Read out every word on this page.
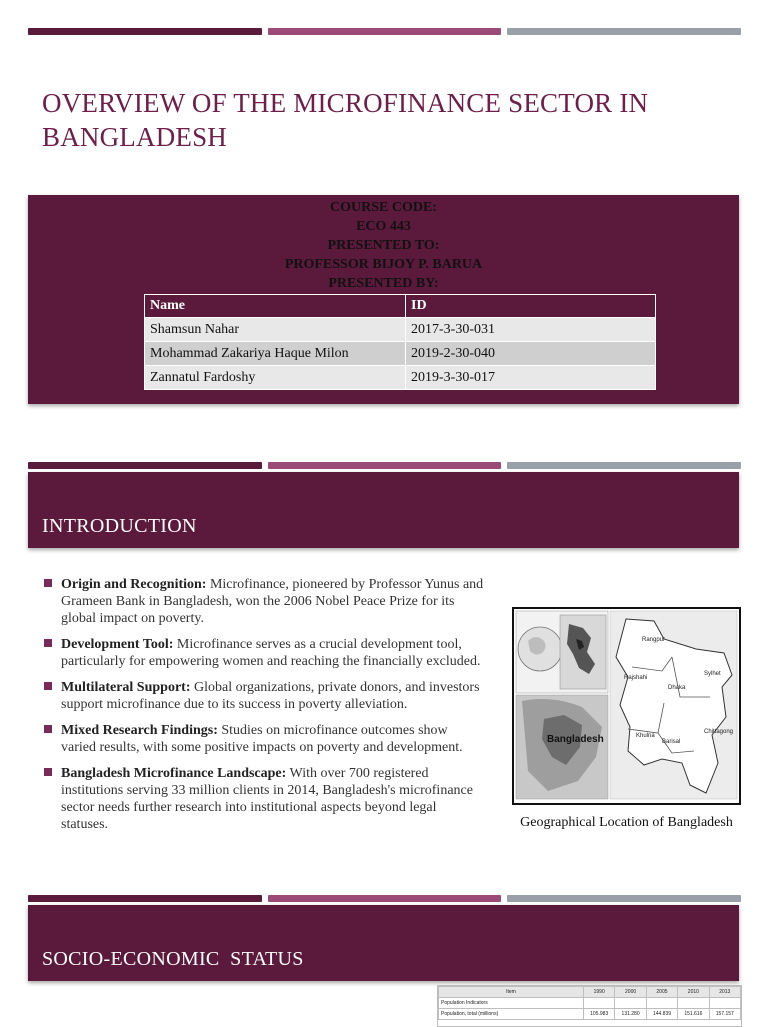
OVERVIEW OF THE MICROFINANCE SECTOR IN BANGLADESH
COURSE CODE:
ECO 443
PRESENTED TO:
PROFESSOR BIJOY P. BARUA
PRESENTED BY:
Name	ID
Shamsun Nahar	2017-3-30-031
Mohammad Zakariya Haque Milon	2019-2-30-040
Zannatul Fardoshy	2019-3-30-017
INTRODUCTION
Origin and Recognition: Microfinance, pioneered by Professor Yunus and Grameen Bank in Bangladesh, won the 2006 Nobel Peace Prize for its global impact on poverty.
Development Tool: Microfinance serves as a crucial development tool, particularly for empowering women and reaching the financially excluded.
Multilateral Support: Global organizations, private donors, and investors support microfinance due to its success in poverty alleviation.
Mixed Research Findings: Studies on microfinance outcomes show varied results, with some positive impacts on poverty and development.
Bangladesh Microfinance Landscape: With over 700 registered institutions serving 33 million clients in 2014, Bangladesh's microfinance sector needs further research into institutional aspects beyond legal statuses.
Bangladesh
Rangpur
Rajshahi
Dhaka
Sylhet
Khulna
Barisal
Chittagong
Geographical Location of Bangladesh
SOCIO-ECONOMIC  STATUS
Item	1990	2000	2005	2010	2013
Population Indicators					
Population, total (millions)	105.983	131.280	144.839	151.616	157.157
